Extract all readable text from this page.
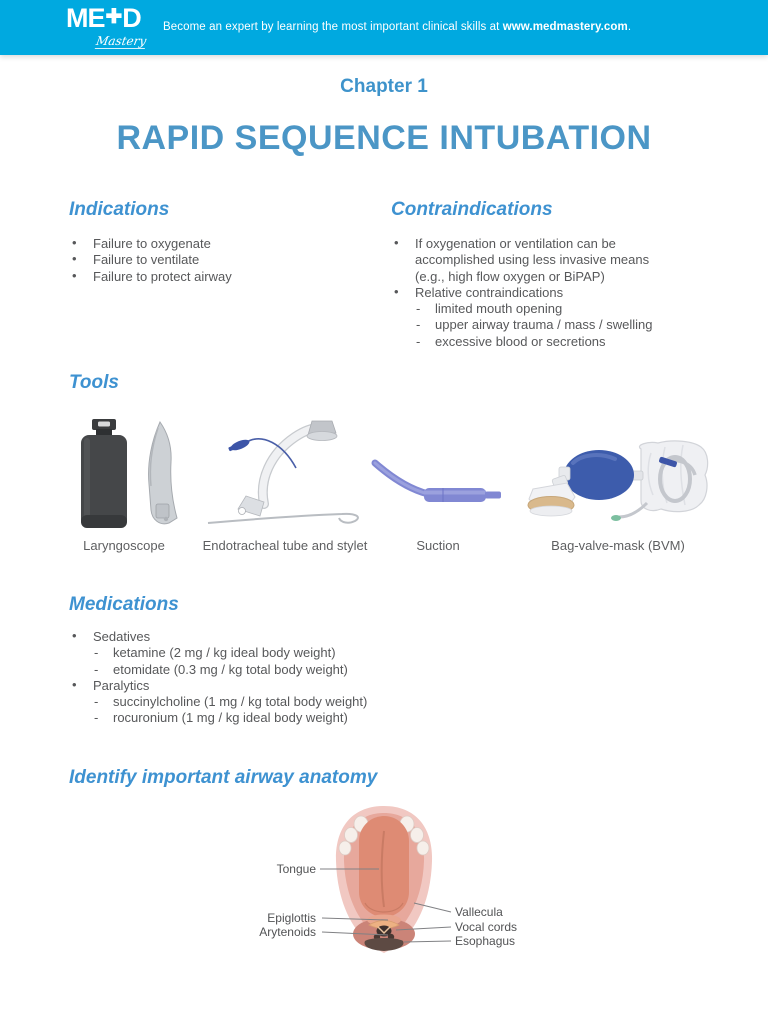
ME ✚ D
Mastery
Become an expert by learning the most important clinical skills at www.medmastery.com.
Chapter 1
RAPID SEQUENCE INTUBATION
Indications
• Failure to oxygenate
• Failure to ventilate
• Failure to protect airway
Contraindications
• If oxygenation or ventilation can be accomplished using less invasive means (e.g., high flow oxygen or BiPAP)
• Relative contraindications
- limited mouth opening
- upper airway trauma / mass / swelling
- excessive blood or secretions
Tools
Laryngoscope	Endotracheal tube and stylet	Suction	Bag-valve-mask (BVM)
Medications
• Sedatives
- ketamine (2 mg / kg ideal body weight)
- etomidate (0.3 mg / kg total body weight)
• Paralytics
- succinylcholine (1 mg / kg total body weight)
- rocuronium (1 mg / kg ideal body weight)
Identify important airway anatomy
Tongue
Epiglottis
Arytenoids
Vallecula
Vocal cords
Esophagus
